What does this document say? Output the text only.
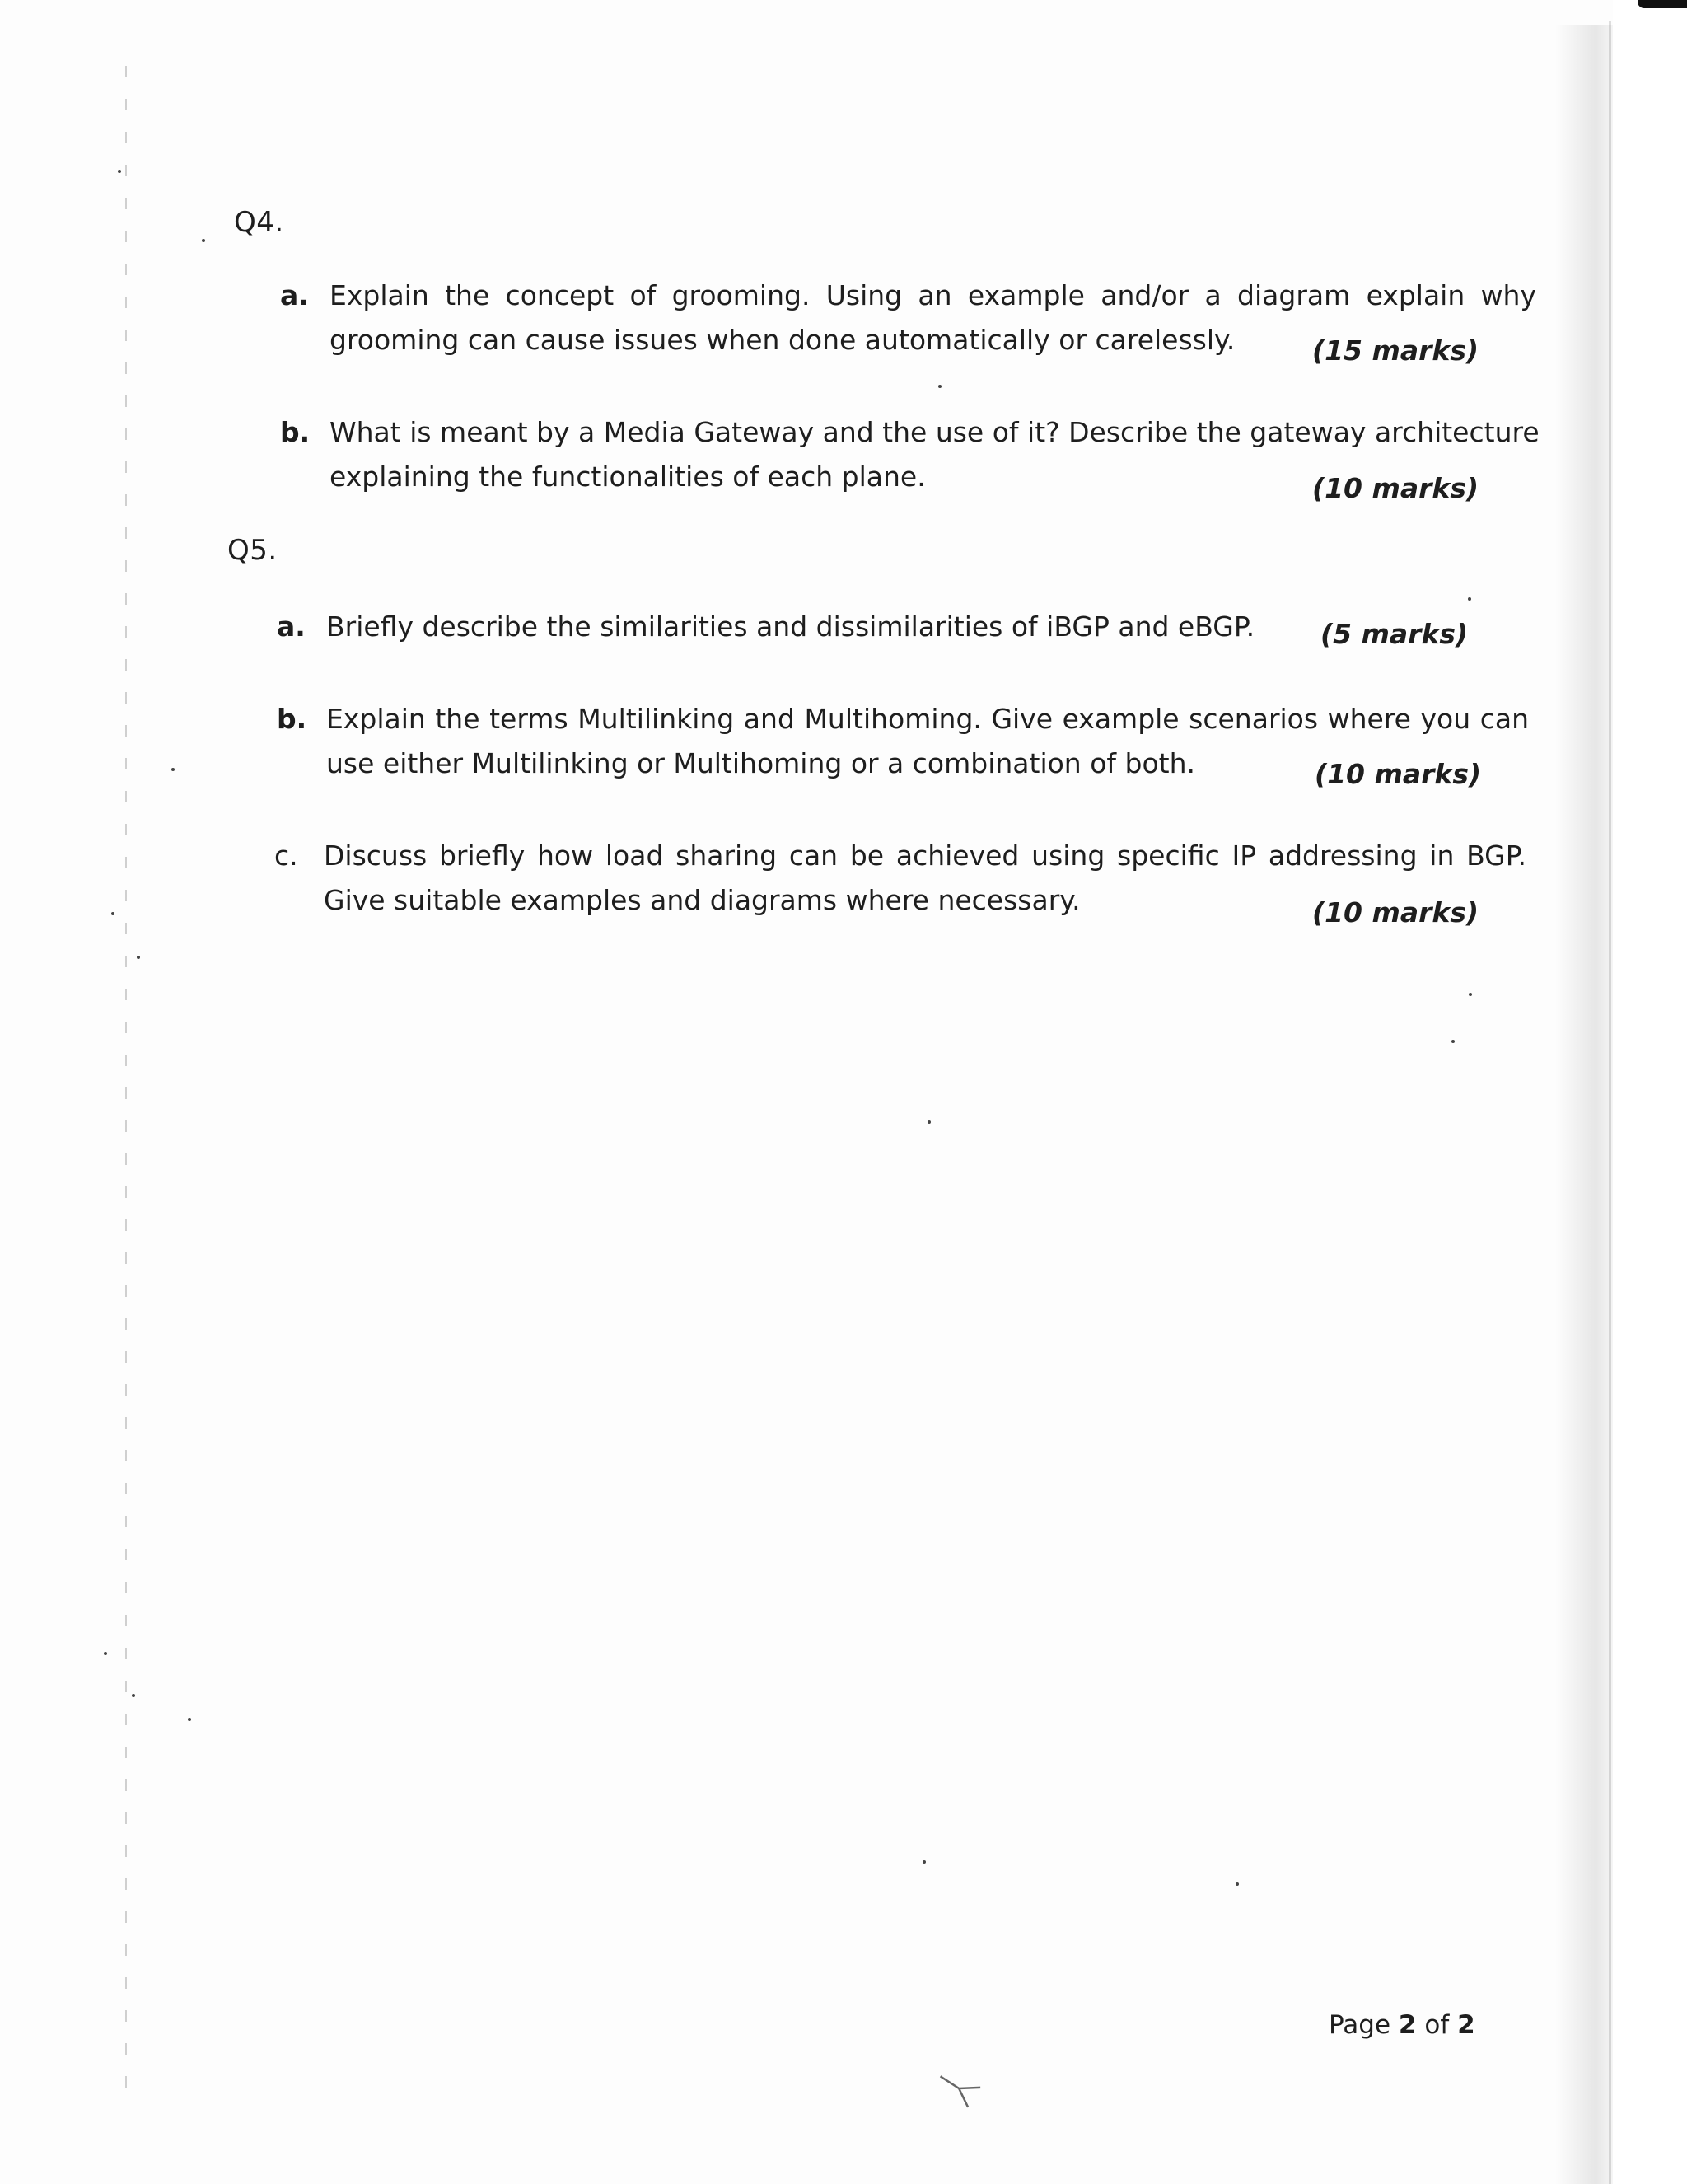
Q4.
a. Explain the concept of grooming. Using an example and/or a diagram explain why
grooming can cause issues when done automatically or carelessly.	(15 marks)
b. What is meant by a Media Gateway and the use of it? Describe the gateway architecture
explaining the functionalities of each plane.	(10 marks)
Q5.
a. Briefly describe the similarities and dissimilarities of iBGP and eBGP.	(5 marks)
b. Explain the terms Multilinking and Multihoming. Give example scenarios where you can
use either Multilinking or Multihoming or a combination of both.	(10 marks)
c. Discuss briefly how load sharing can be achieved using specific IP addressing in BGP.
Give suitable examples and diagrams where necessary.	(10 marks)
Page 2 of 2
